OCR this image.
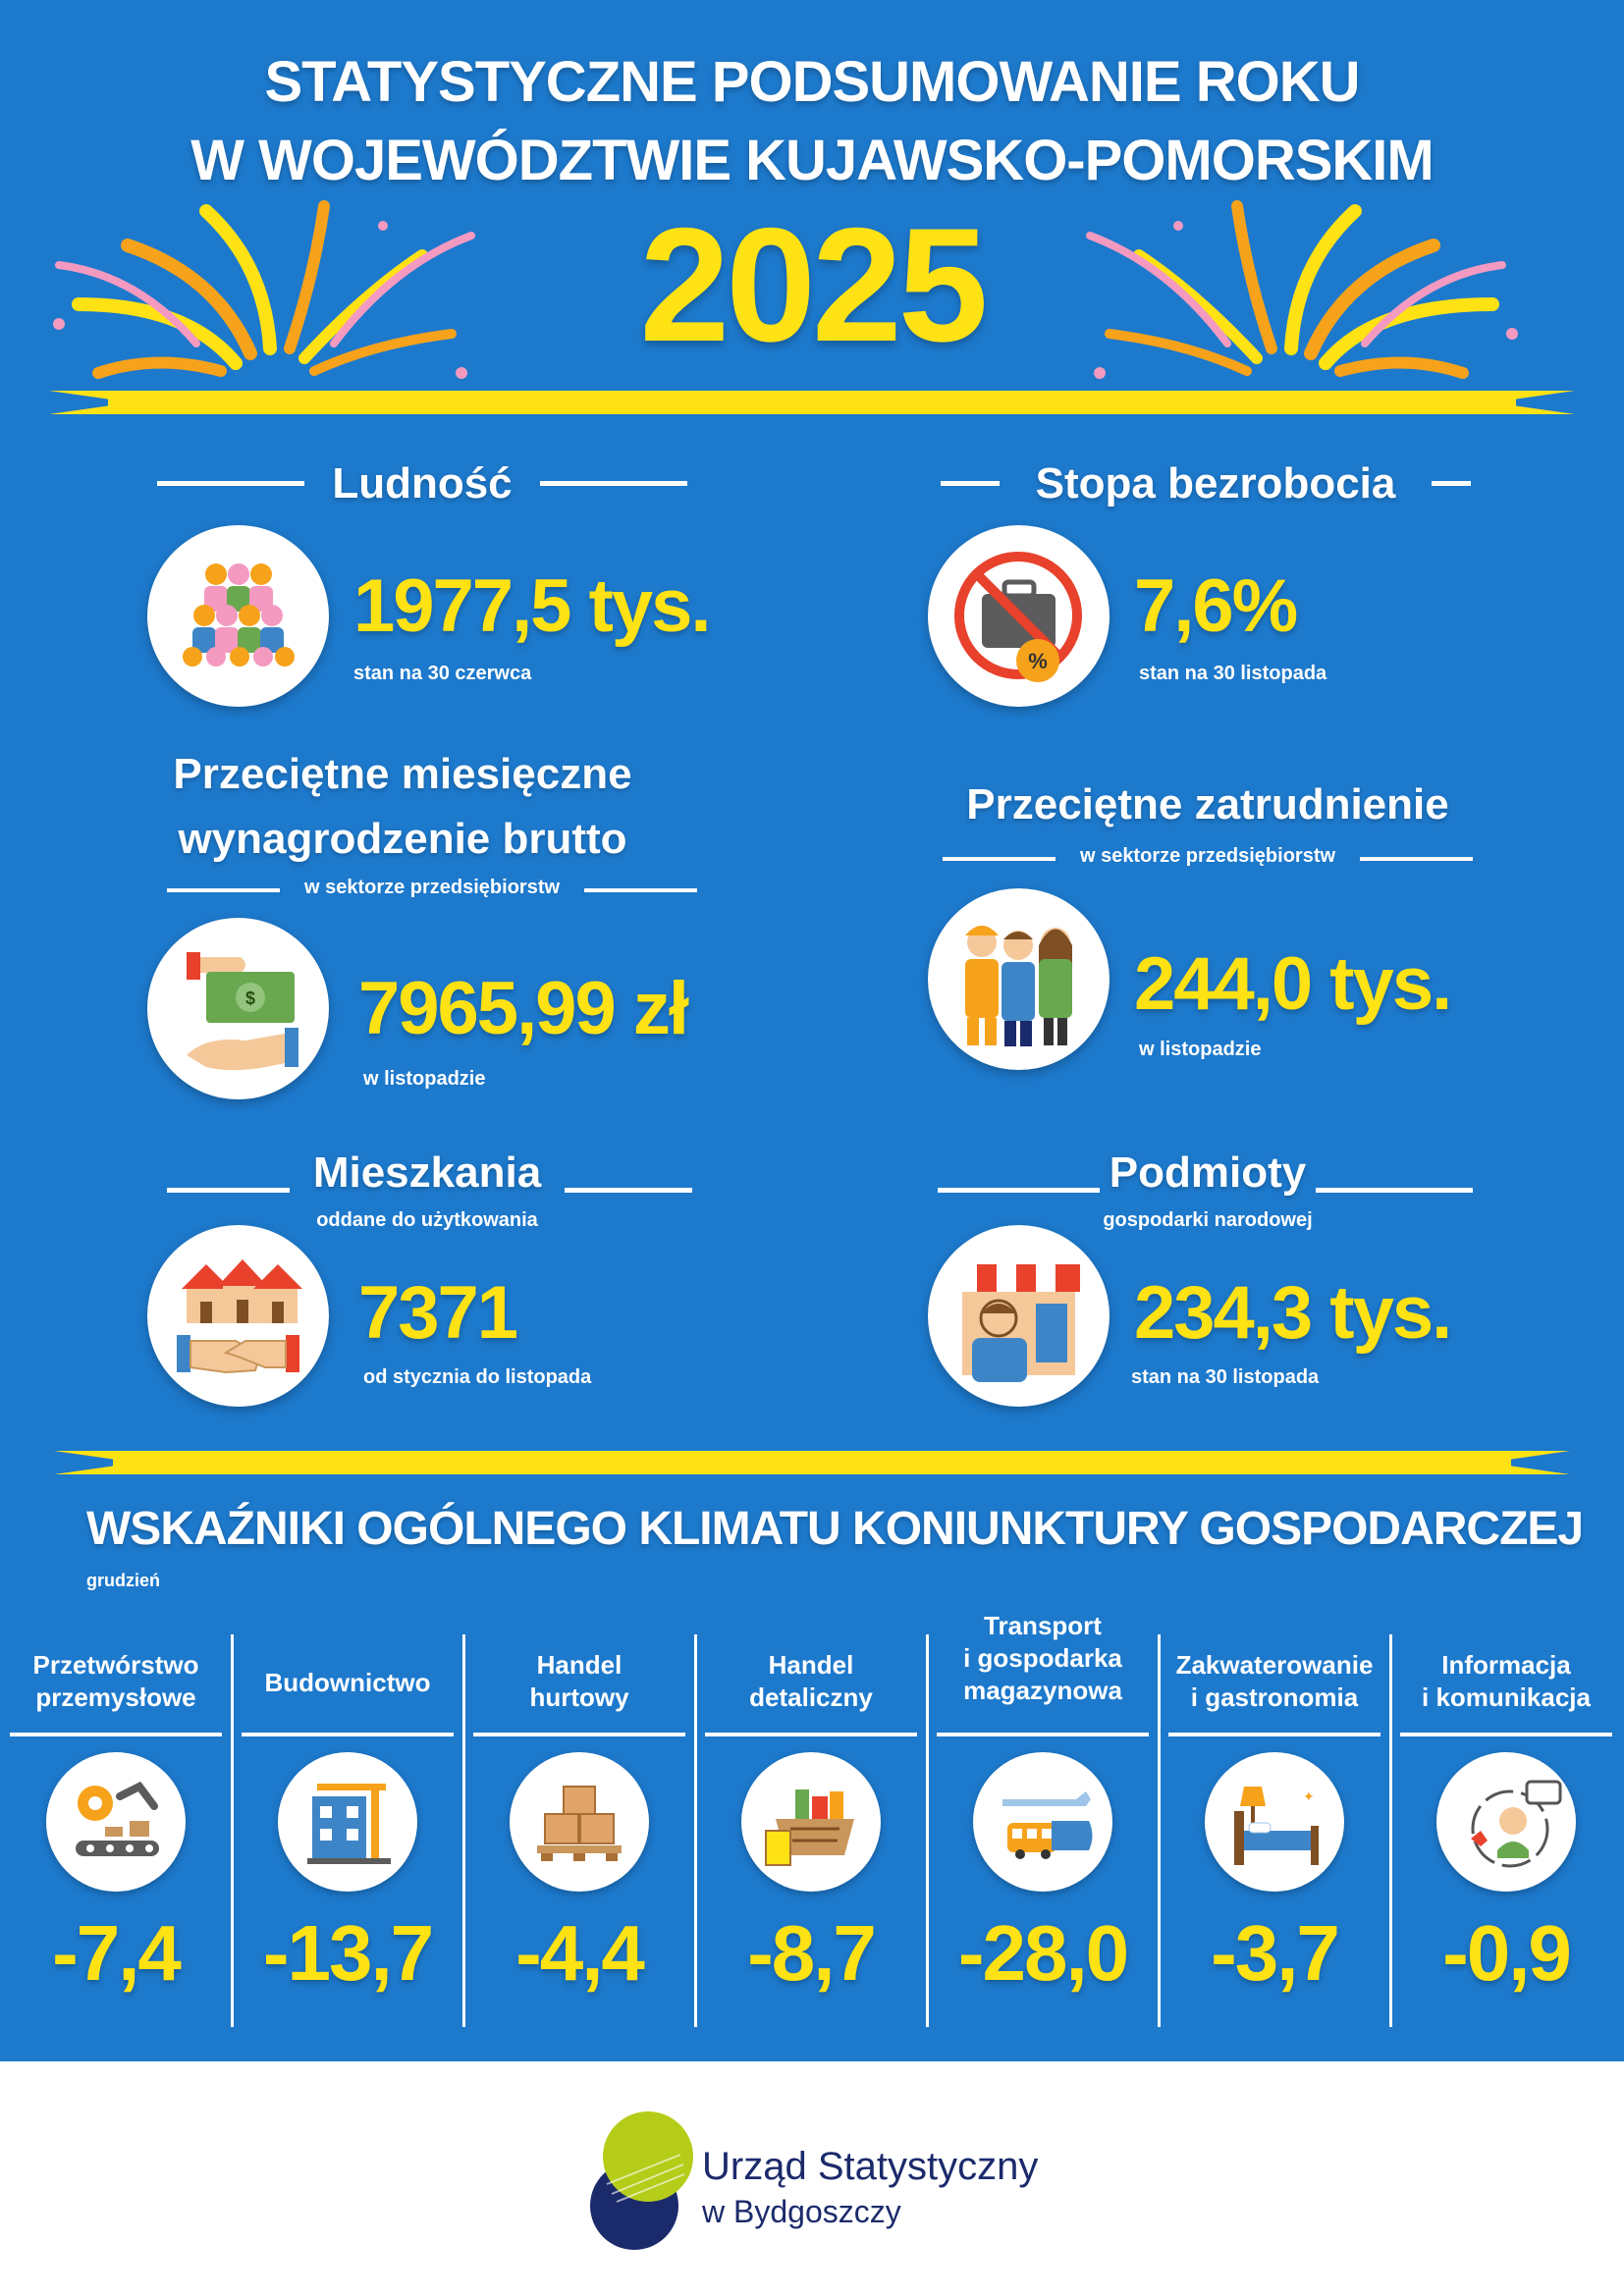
STATYSTYCZNE PODSUMOWANIE ROKU
W WOJEWÓDZTWIE KUJAWSKO-POMORSKIM
2025
Ludność
1977,5 tys.
stan na 30 czerwca
Stopa bezrobocia
%
7,6%
stan na 30 listopada
Przeciętne miesięczne
wynagrodzenie brutto
w sektorze przedsiębiorstw
$ 7965,99 zł
w listopadzie
Przeciętne zatrudnienie
w sektorze przedsiębiorstw
244,0 tys.
w listopadzie
Mieszkania
oddane do użytkowania
7371
od stycznia do listopada
Podmioty
gospodarki narodowej
234,3 tys.
stan na 30 listopada
WSKAŹNIKI OGÓLNEGO KLIMATU KONIUNKTURY GOSPODARCZEJ
grudzień
Przetwórstwo
przemysłowe
-7,4
Budownictwo
-13,7
Handel
hurtowy
-4,4
Handel
detaliczny
-8,7
Transport
i gospodarka
magazynowa
-28,0
Zakwaterowanie
i gastronomia
✦
-3,7
Informacja
i komunikacja
-0,9
Urząd Statystyczny
w Bydgoszczy
